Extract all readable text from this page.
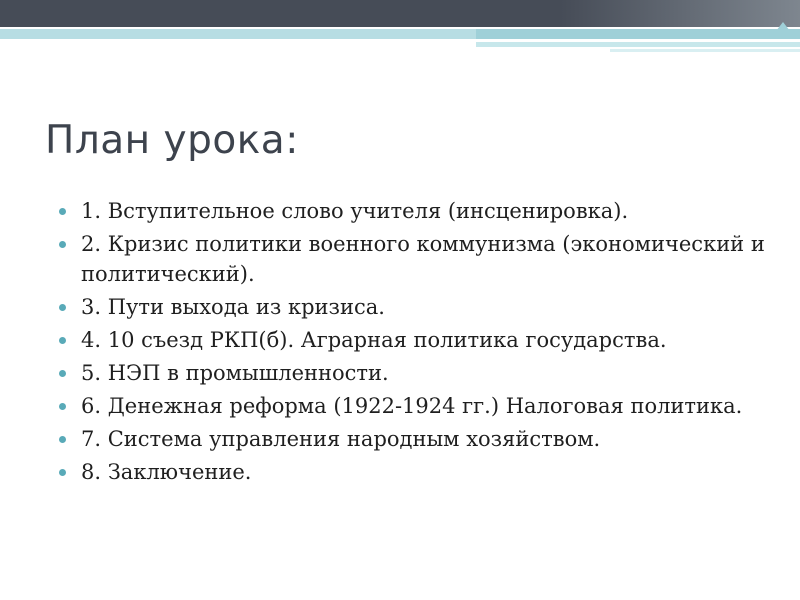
План урока:
1. Вступительное слово учителя (инсценировка).
2. Кризис политики военного коммунизма (экономический и политический).
3. Пути выхода из кризиса.
4. 10 съезд РКП(б). Аграрная политика государства.
5. НЭП в промышленности.
6. Денежная реформа (1922-1924 гг.) Налоговая политика.
7. Система управления народным хозяйством.
8. Заключение.
